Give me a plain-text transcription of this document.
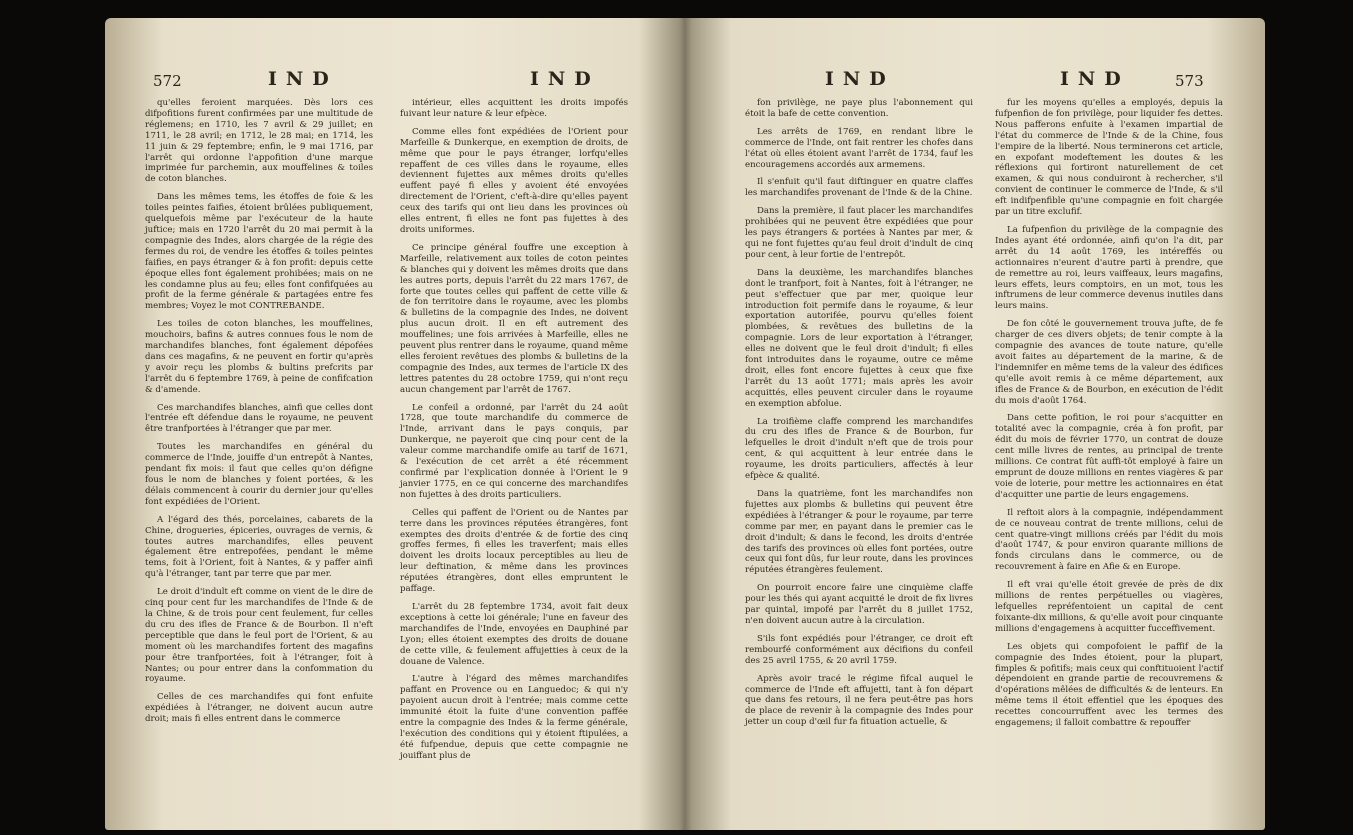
572	IND	IND

qu'elles feroient marquées. Dès lors ces difpofitions furent confirmées par une multitude de réglemens; en 1710, les 7 avril & 29 juillet; en 1711, le 28 avril; en 1712, le 28 mai; en 1714, les 11 juin & 29 feptembre; enfin, le 9 mai 1716, par l'arrêt qui ordonne l'appofition d'une marque imprimée fur parchemin, aux mouffelines & toiles de coton blanches.

Dans les mêmes tems, les étoffes de foie & les toiles peintes faifies, étoient brûlées publiquement, quelquefois même par l'exécuteur de la haute juftice; mais en 1720 l'arrêt du 20 mai permit à la compagnie des Indes, alors chargée de la régie des fermes du roi, de vendre les étoffes & toiles peintes faifies, en pays étranger & à fon profit: depuis cette époque elles font également prohibées; mais on ne les condamne plus au feu; elles font confifquées au profit de la ferme générale & partagées entre fes membres; Voyez le mot CONTREBANDE.

Les toiles de coton blanches, les mouffelines, mouchoirs, bafins & autres connues fous le nom de marchandifes blanches, font également dépofées dans ces magafins, & ne peuvent en fortir qu'après y avoir reçu les plombs & bultins prefcrits par l'arrêt du 6 feptembre 1769, à peine de confifcation & d'amende.

Ces marchandifes blanches, ainfi que celles dont l'entrée eft défendue dans le royaume, ne peuvent être tranfportées à l'étranger que par mer.

Toutes les marchandifes en général du commerce de l'Inde, jouiffe d'un entrepôt à Nantes, pendant fix mois: il faut que celles qu'on défigne fous le nom de blanches y foient portées, & les délais commencent à courir du dernier jour qu'elles font expédiées de l'Orient.

A l'égard des thés, porcelaines, cabarets de la Chine, drogueries, épiceries, ouvrages de vernis, & toutes autres marchandifes, elles peuvent également être entrepofées, pendant le même tems, foit à l'Orient, foit à Nantes, & y paffer ainfi qu'à l'étranger, tant par terre que par mer.

Le droit d'indult eft comme on vient de le dire de cinq pour cent fur les marchandifes de l'Inde & de la Chine, & de trois pour cent feulement, fur celles du cru des ifles de France & de Bourbon. Il n'eft perceptible que dans le feul port de l'Orient, & au moment où les marchandifes fortent des magafins pour être tranfportées, foit à l'étranger, foit à Nantes; ou pour entrer dans la confommation du royaume.

Celles de ces marchandifes qui font enfuite expédiées à l'étranger, ne doivent aucun autre droit; mais fi elles entrent dans le commerce

intérieur, elles acquittent les droits impofés fuivant leur nature & leur efpèce.

Comme elles font expédiées de l'Orient pour Marfeille & Dunkerque, en exemption de droits, de même que pour le pays étranger, lorfqu'elles repaffent de ces villes dans le royaume, elles deviennent fujettes aux mêmes droits qu'elles euffent payé fi elles y avoient été envoyées directement de l'Orient, c'eft-à-dire qu'elles payent ceux des tarifs qui ont lieu dans les provinces où elles entrent, fi elles ne font pas fujettes à des droits uniformes.

Ce principe général fouffre une exception à Marfeille, relativement aux toiles de coton peintes & blanches qui y doivent les mêmes droits que dans les autres ports, depuis l'arrêt du 22 mars 1767, de forte que toutes celles qui paffent de cette ville & de fon territoire dans le royaume, avec les plombs & bulletins de la compagnie des Indes, ne doivent plus aucun droit. Il en eft autrement des mouffelines; une fois arrivées à Marfeille, elles ne peuvent plus rentrer dans le royaume, quand même elles feroient revêtues des plombs & bulletins de la compagnie des Indes, aux termes de l'article IX des lettres patentes du 28 octobre 1759, qui n'ont reçu aucun changement par l'arrêt de 1767.

Le confeil a ordonné, par l'arrêt du 24 août 1728, que toute marchandife du commerce de l'Inde, arrivant dans le pays conquis, par Dunkerque, ne payeroit que cinq pour cent de la valeur comme marchandife omife au tarif de 1671, & l'exécution de cet arrêt a été récemment confirmé par l'explication donnée à l'Orient le 9 janvier 1775, en ce qui concerne des marchandifes non fujettes à des droits particuliers.

Celles qui paffent de l'Orient ou de Nantes par terre dans les provinces réputées étrangères, font exemptes des droits d'entrée & de fortie des cinq groffes fermes, fi elles les traverfent; mais elles doivent les droits locaux perceptibles au lieu de leur deftination, & même dans les provinces réputées étrangères, dont elles empruntent le paffage.

L'arrêt du 28 feptembre 1734, avoit fait deux exceptions à cette loi générale; l'une en faveur des marchandifes de l'Inde, envoyées en Dauphiné par Lyon; elles étoient exemptes des droits de douane de cette ville, & feulement affujetties à ceux de la douane de Valence.

L'autre à l'égard des mêmes marchandifes paffant en Provence ou en Languedoc; & qui n'y payoient aucun droit à l'entrée; mais comme cette immunité étoit la fuite d'une convention paffée entre la compagnie des Indes & la ferme générale, l'exécution des conditions qui y étoient ftipulées, a été fufpendue, depuis que cette compagnie ne jouiffant plus de

IND	IND	573

fon privilège, ne paye plus l'abonnement qui étoit la bafe de cette convention.

Les arrêts de 1769, en rendant libre le commerce de l'Inde, ont fait rentrer les chofes dans l'état où elles étoient avant l'arrêt de 1734, fauf les encouragemens accordés aux armemens.

Il s'enfuit qu'il faut diftinguer en quatre claffes les marchandifes provenant de l'Inde & de la Chine.

Dans la première, il faut placer les marchandifes prohibées qui ne peuvent être expédiées que pour les pays étrangers & portées à Nantes par mer, & qui ne font fujettes qu'au feul droit d'indult de cinq pour cent, à leur fortie de l'entrepôt.

Dans la deuxième, les marchandifes blanches dont le tranfport, foit à Nantes, foit à l'étranger, ne peut s'effectuer que par mer, quoique leur introduction foit permife dans le royaume, & leur exportation autorifée, pourvu qu'elles foient plombées, & revêtues des bulletins de la compagnie. Lors de leur exportation à l'étranger, elles ne doivent que le feul droit d'indult; fi elles font introduites dans le royaume, outre ce même droit, elles font encore fujettes à ceux que fixe l'arrêt du 13 août 1771; mais après les avoir acquittés, elles peuvent circuler dans le royaume en exemption abfolue.

La troifième claffe comprend les marchandifes du cru des ifles de France & de Bourbon, fur lefquelles le droit d'indult n'eft que de trois pour cent, & qui acquittent à leur entrée dans le royaume, les droits particuliers, affectés à leur efpèce & qualité.

Dans la quatrième, font les marchandifes non fujettes aux plombs & bulletins qui peuvent être expédiées à l'étranger & pour le royaume, par terre comme par mer, en payant dans le premier cas le droit d'indult; & dans le fecond, les droits d'entrée des tarifs des provinces où elles font portées, outre ceux qui font dûs, fur leur route, dans les provinces réputées étrangères feulement.

On pourroit encore faire une cinquième claffe pour les thés qui ayant acquitté le droit de fix livres par quintal, impofé par l'arrêt du 8 juillet 1752, n'en doivent aucun autre à la circulation.

S'ils font expédiés pour l'étranger, ce droit eft rembourfé conformément aux décifions du confeil des 25 avril 1755, & 20 avril 1759.

Après avoir tracé le régime fifcal auquel le commerce de l'Inde eft affujetti, tant à fon départ que dans fes retours, il ne fera peut-être pas hors de place de revenir à la compagnie des Indes pour jetter un coup d'œil fur fa fituation actuelle, &

fur les moyens qu'elles a employés, depuis la fufpenfion de fon privilège, pour liquider fes dettes. Nous pafferons enfuite à l'examen impartial de l'état du commerce de l'Inde & de la Chine, fous l'empire de la liberté. Nous terminerons cet article, en expofant modeftement les doutes & les réflexions qui fortiront naturellement de cet examen, & qui nous conduiront à rechercher, s'il convient de continuer le commerce de l'Inde, & s'il eft indifpenfible qu'une compagnie en foit chargée par un titre exclufif.

La fufpenfion du privilège de la compagnie des Indes ayant été ordonnée, ainfi qu'on l'a dit, par arrêt du 14 août 1769, les intéreffés ou actionnaires n'eurent d'autre parti à prendre, que de remettre au roi, leurs vaiffeaux, leurs magafins, leurs effets, leurs comptoirs, en un mot, tous les inftrumens de leur commerce devenus inutiles dans leurs mains.

De fon côté le gouvernement trouva jufte, de fe charger de ces divers objets; de tenir compte à la compagnie des avances de toute nature, qu'elle avoit faites au département de la marine, & de l'indemnifer en même tems de la valeur des édifices qu'elle avoit remis à ce même département, aux ifles de France & de Bourbon, en exécution de l'édit du mois d'août 1764.

Dans cette pofition, le roi pour s'acquitter en totalité avec la compagnie, créa à fon profit, par édit du mois de février 1770, un contrat de douze cent mille livres de rentes, au principal de trente millions. Ce contrat fût auffi-tôt employé à faire un emprunt de douze millions en rentes viagères & par voie de loterie, pour mettre les actionnaires en état d'acquitter une partie de leurs engagemens.

Il reftoit alors à la compagnie, indépendamment de ce nouveau contrat de trente millions, celui de cent quatre-vingt millions créés par l'édit du mois d'août 1747, & pour environ quarante millions de fonds circulans dans le commerce, ou de recouvrement à faire en Afie & en Europe.

Il eft vrai qu'elle étoit grevée de près de dix millions de rentes perpétuelles ou viagères, lefquelles repréfentoient un capital de cent foixante-dix millions, & qu'elle avoit pour cinquante millions d'engagemens à acquitter fucceffivement.

Les objets qui compofoient le paffif de la compagnie des Indes étoient, pour la plupart, fimples & pofitifs; mais ceux qui conftituoient l'actif dépendoient en grande partie de recouvremens & d'opérations mêlées de difficultés & de lenteurs. En même tems il étoit effentiel que les époques des recettes concourruffent avec les termes des engagemens; il falloit combattre & repouffer
